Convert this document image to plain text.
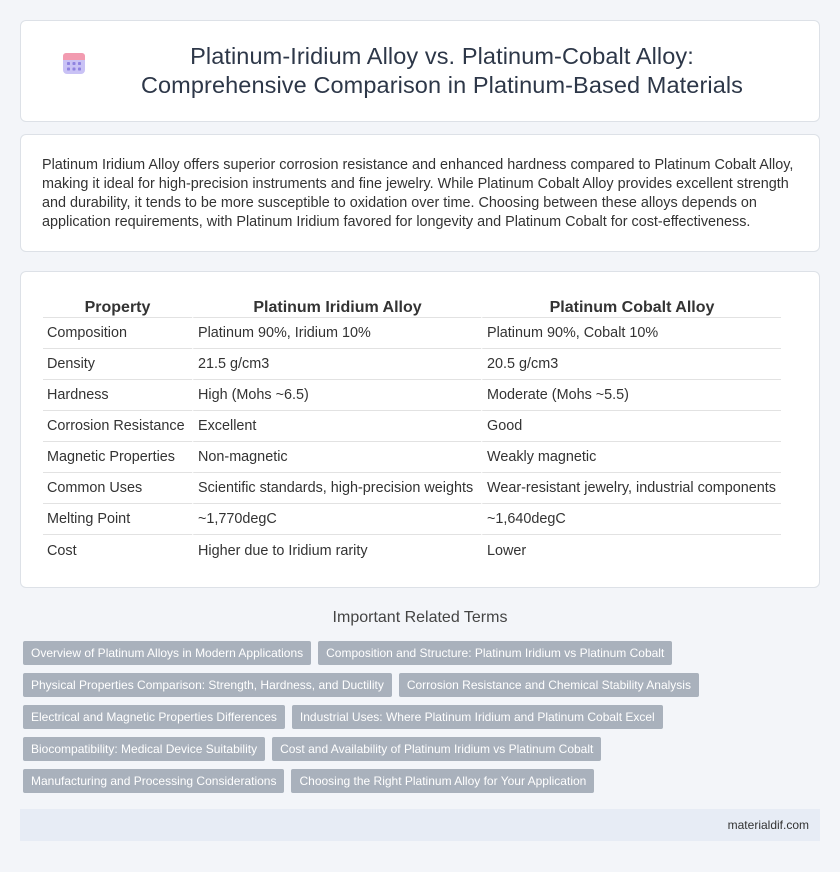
Platinum-Iridium Alloy vs. Platinum-Cobalt Alloy: Comprehensive Comparison in Platinum-Based Materials

Platinum Iridium Alloy offers superior corrosion resistance and enhanced hardness compared to Platinum Cobalt Alloy, making it ideal for high-precision instruments and fine jewelry. While Platinum Cobalt Alloy provides excellent strength and durability, it tends to be more susceptible to oxidation over time. Choosing between these alloys depends on application requirements, with Platinum Iridium favored for longevity and Platinum Cobalt for cost-effectiveness.

Property	Platinum Iridium Alloy	Platinum Cobalt Alloy
Composition	Platinum 90%, Iridium 10%	Platinum 90%, Cobalt 10%
Density	21.5 g/cm3	20.5 g/cm3
Hardness	High (Mohs ~6.5)	Moderate (Mohs ~5.5)
Corrosion Resistance	Excellent	Good
Magnetic Properties	Non-magnetic	Weakly magnetic
Common Uses	Scientific standards, high-precision weights	Wear-resistant jewelry, industrial components
Melting Point	~1,770degC	~1,640degC
Cost	Higher due to Iridium rarity	Lower
Important Related Terms
Overview of Platinum Alloys in Modern Applications	Composition and Structure: Platinum Iridium vs Platinum Cobalt
Physical Properties Comparison: Strength, Hardness, and Ductility	Corrosion Resistance and Chemical Stability Analysis
Electrical and Magnetic Properties Differences	Industrial Uses: Where Platinum Iridium and Platinum Cobalt Excel
Biocompatibility: Medical Device Suitability	Cost and Availability of Platinum Iridium vs Platinum Cobalt
Manufacturing and Processing Considerations	Choosing the Right Platinum Alloy for Your Application
materialdif.com
